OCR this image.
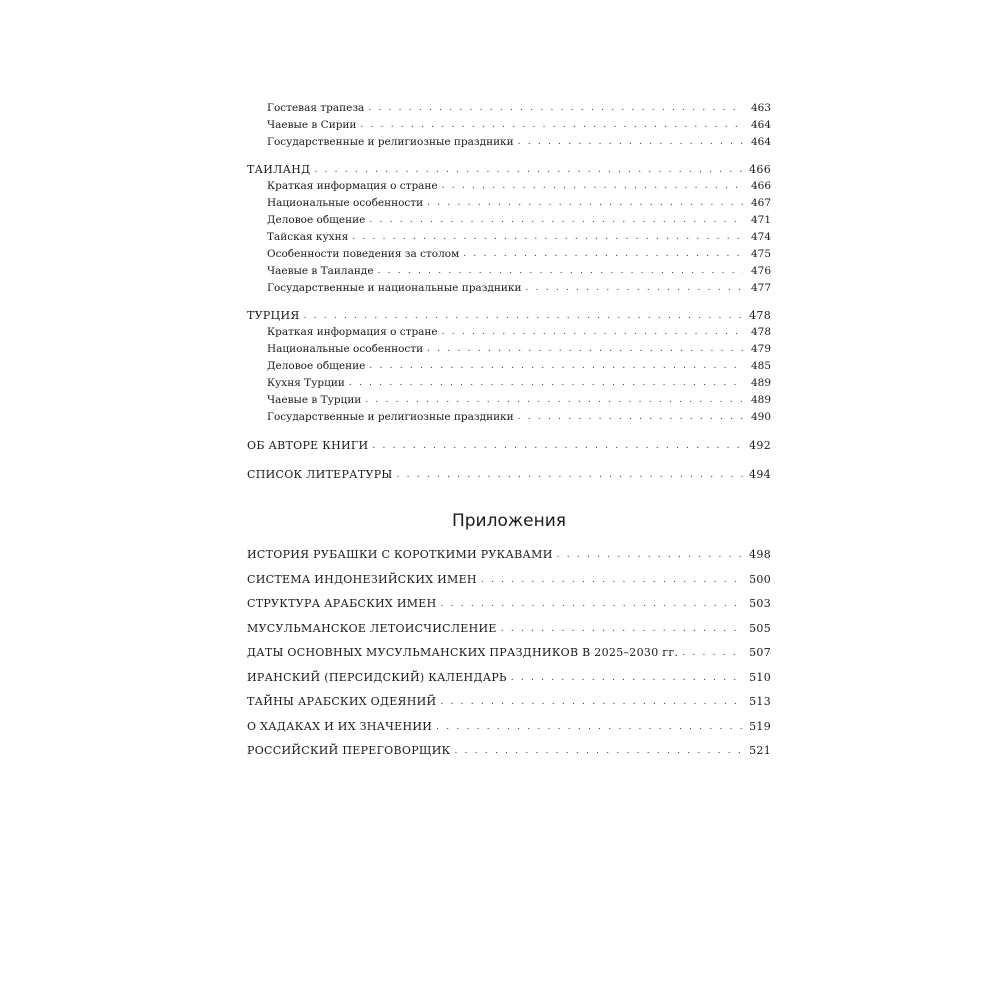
Гостевая трапеза . . .	463
Чаевые в Сирии . . .	464
Государственные и религиозные праздники . . .	464
ТАИЛАНД . . .	466
Краткая информация о стране . . .	466
Национальные особенности . . .	467
Деловое общение . . .	471
Тайская кухня . . .	474
Особенности поведения за столом . . .	475
Чаевые в Таиланде . . .	476
Государственные и национальные праздники . . .	477
ТУРЦИЯ . . .	478
Краткая информация о стране . . .	478
Национальные особенности . . .	479
Деловое общение . . .	485
Кухня Турции . . .	489
Чаевые в Турции . . .	489
Государственные и религиозные праздники . . .	490
ОБ АВТОРЕ КНИГИ . . .	492
СПИСОК ЛИТЕРАТУРЫ . . .	494
Приложения
ИСТОРИЯ РУБАШКИ С КОРОТКИМИ РУКАВАМИ . . .	498
СИСТЕМА ИНДОНЕЗИЙСКИХ ИМЕН . . .	500
СТРУКТУРА АРАБСКИХ ИМЕН . . .	503
МУСУЛЬМАНСКОЕ ЛЕТОИСЧИСЛЕНИЕ . . .	505
ДАТЫ ОСНОВНЫХ МУСУЛЬМАНСКИХ ПРАЗДНИКОВ В 2025–2030 гг. . . .	507
ИРАНСКИЙ (ПЕРСИДСКИЙ) КАЛЕНДАРЬ . . .	510
ТАЙНЫ АРАБСКИХ ОДЕЯНИЙ . . .	513
О ХАДАКАХ И ИХ ЗНАЧЕНИИ . . .	519
РОССИЙСКИЙ ПЕРЕГОВОРЩИК . . .	521
